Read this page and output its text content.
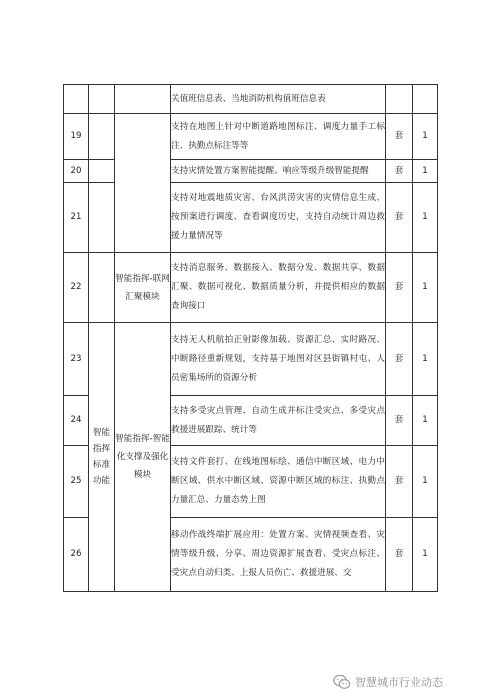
			关值班信息表、当地消防机构值班信息表		
19			支持在地图上针对中断道路地图标注、调度力量手工标注、执勤点标注等等	套	1
20			支持灾情处置方案智能提醒、响应等级升级智能提醒	套	1
21			支持对地震地质灾害、台风洪涝灾害的灾情信息生成、按预案进行调度、查看调度历史，支持自动统计周边救援力量情况等	套	1
22		智能指挥-联网汇聚模块	支持消息服务、数据接入、数据分发、数据共享、数据汇聚、数据可视化、数据质量分析，并提供相应的数据查询接口	套	1
23	智能指挥标准功能	智能指挥-智能化支撑及强化模块	支持无人机航拍正射影像加载、资源汇总、实时路况、中断路径重新规划，支持基于地图对区县街镇村屯、人员密集场所的资源分析	套	1
24			支持多受灾点管理、自动生成并标注受灾点、多受灾点救援进展跟踪、统计等	套	1
25			支持文件套打、在线地图标绘、通信中断区域、电力中断区域、供水中断区域、资源中断区域的标注、执勤点力量汇总、力量态势上图	套	1
26			移动作战终端扩展应用：处置方案、灾情视频查看、灾情等级升级、分享、周边资源扩展查看、受灾点标注、受灾点自动归类、上报人员伤亡、救援进展、交	套	1
智慧城市行业动态
